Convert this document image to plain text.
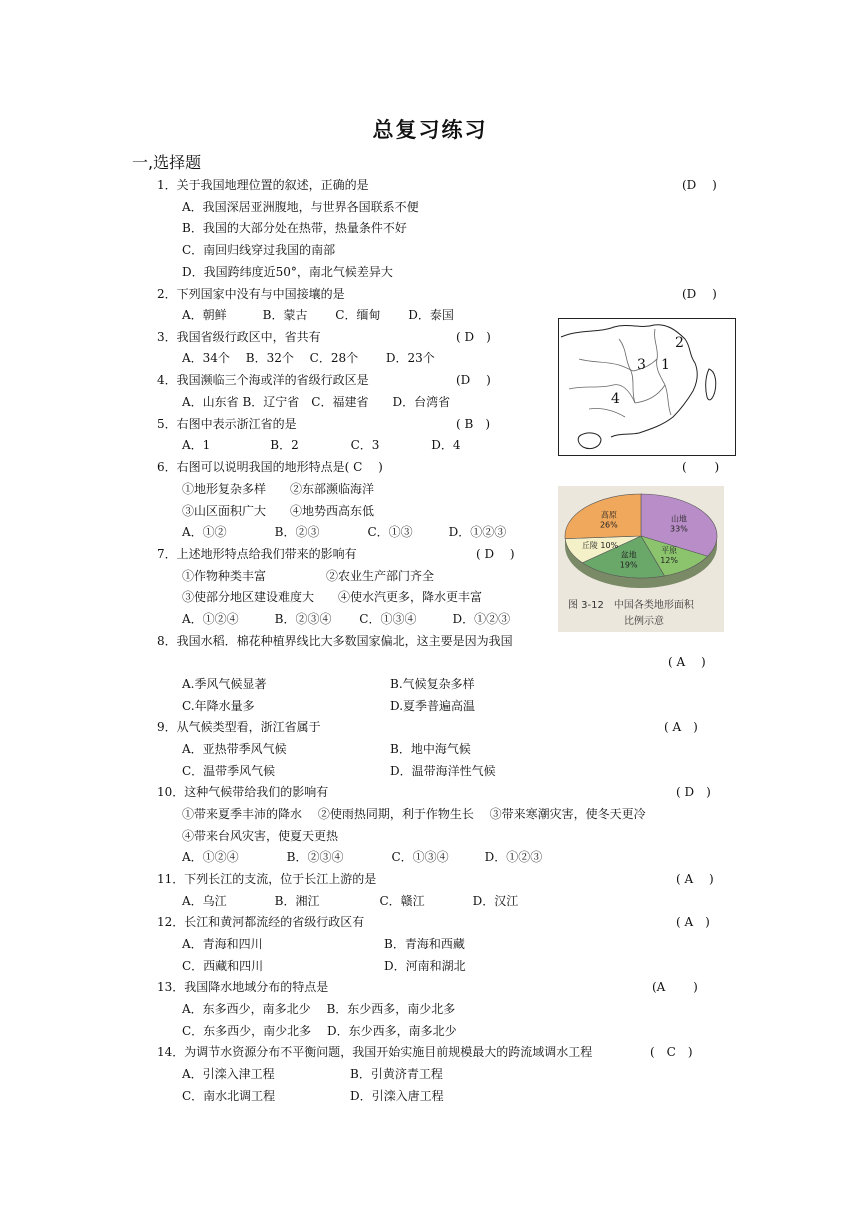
总复习练习
一,选择题
1．关于我国地理位置的叙述，正确的是	(D　 )
A．我国深居亚洲腹地，与世界各国联系不便
B．我国的大部分处在热带，热量条件不好
C．南回归线穿过我国的南部
D．我国跨纬度近50°，南北气候差异大
2．下列国家中没有与中国接壤的是	(D　 )
A．朝鲜　　　B．蒙古　　 C．缅甸　　 D．泰国
3．我国省级行政区中，省共有	( D　)
A．34个　 B．32个　 C．28个　　 D．23个
4．我国濒临三个海或洋的省级行政区是	(D　 )
A．山东省 B．辽宁省　C．福建省　　D．台湾省
5．右图中表示浙江省的是	( B　)
A．1　　　　　B．2　　　　 C．3　　　　 D．4
6．右图可以说明我国的地形特点是( C　 )	(　　 )
①地形复杂多样　　②东部濒临海洋
③山区面积广大　　④地势西高东低
A．①②　　　　B．②③　　　　C．①③　　　D．①②③
7．上述地形特点给我们带来的影响有	( D　 )
①作物种类丰富　　　　　②农业生产部门齐全
③使部分地区建设难度大　　④使水汽更多，降水更丰富
A．①②④　　　B．②③④　　 C．①③④　　　D．①②③
8．我国水稻．棉花种植界线比大多数国家偏北，这主要是因为我国
( A　 )
A.季风气候显著	B.气候复杂多样
C.年降水量多	D.夏季普遍高温
9．从气候类型看，浙江省属于	( A　)
A．亚热带季风气候	B．地中海气候
C．温带季风气候	D．温带海洋性气候
10．这种气候带给我们的影响有	( D　)
①带来夏季丰沛的降水　 ②使雨热同期，利于作物生长　 ③带来寒潮灾害，使冬天更冷
④带来台风灾害，使夏天更热
A．①②④　　　　B．②③④　　　　C．①③④　　　D．①②③
11．下列长江的支流，位于长江上游的是	( A　 )
A．乌江　　　　B．湘江　　　　　C．赣江　　　　D．汉江
12．长江和黄河都流经的省级行政区有	( A　)
A．青海和四川	B．青海和西藏
C．西藏和四川	D．河南和湖北
13．我国降水地域分布的特点是	(A　　 )
A．东多西少，南多北少　 B．东少西多，南少北多
C．东多西少，南少北多　 D．东少西多，南多北少
14．为调节水资源分布不平衡问题，我国开始实施目前规模最大的跨流域调水工程	(　C　)
A．引滦入津工程	B．引黄济青工程
C．南水北调工程	D．引滦入唐工程
2
3 1
4
山地
33%
平原
12%
盆地
19%
丘陵 10%
高原
26%
图 3-12　中国各类地形面积
比例示意
